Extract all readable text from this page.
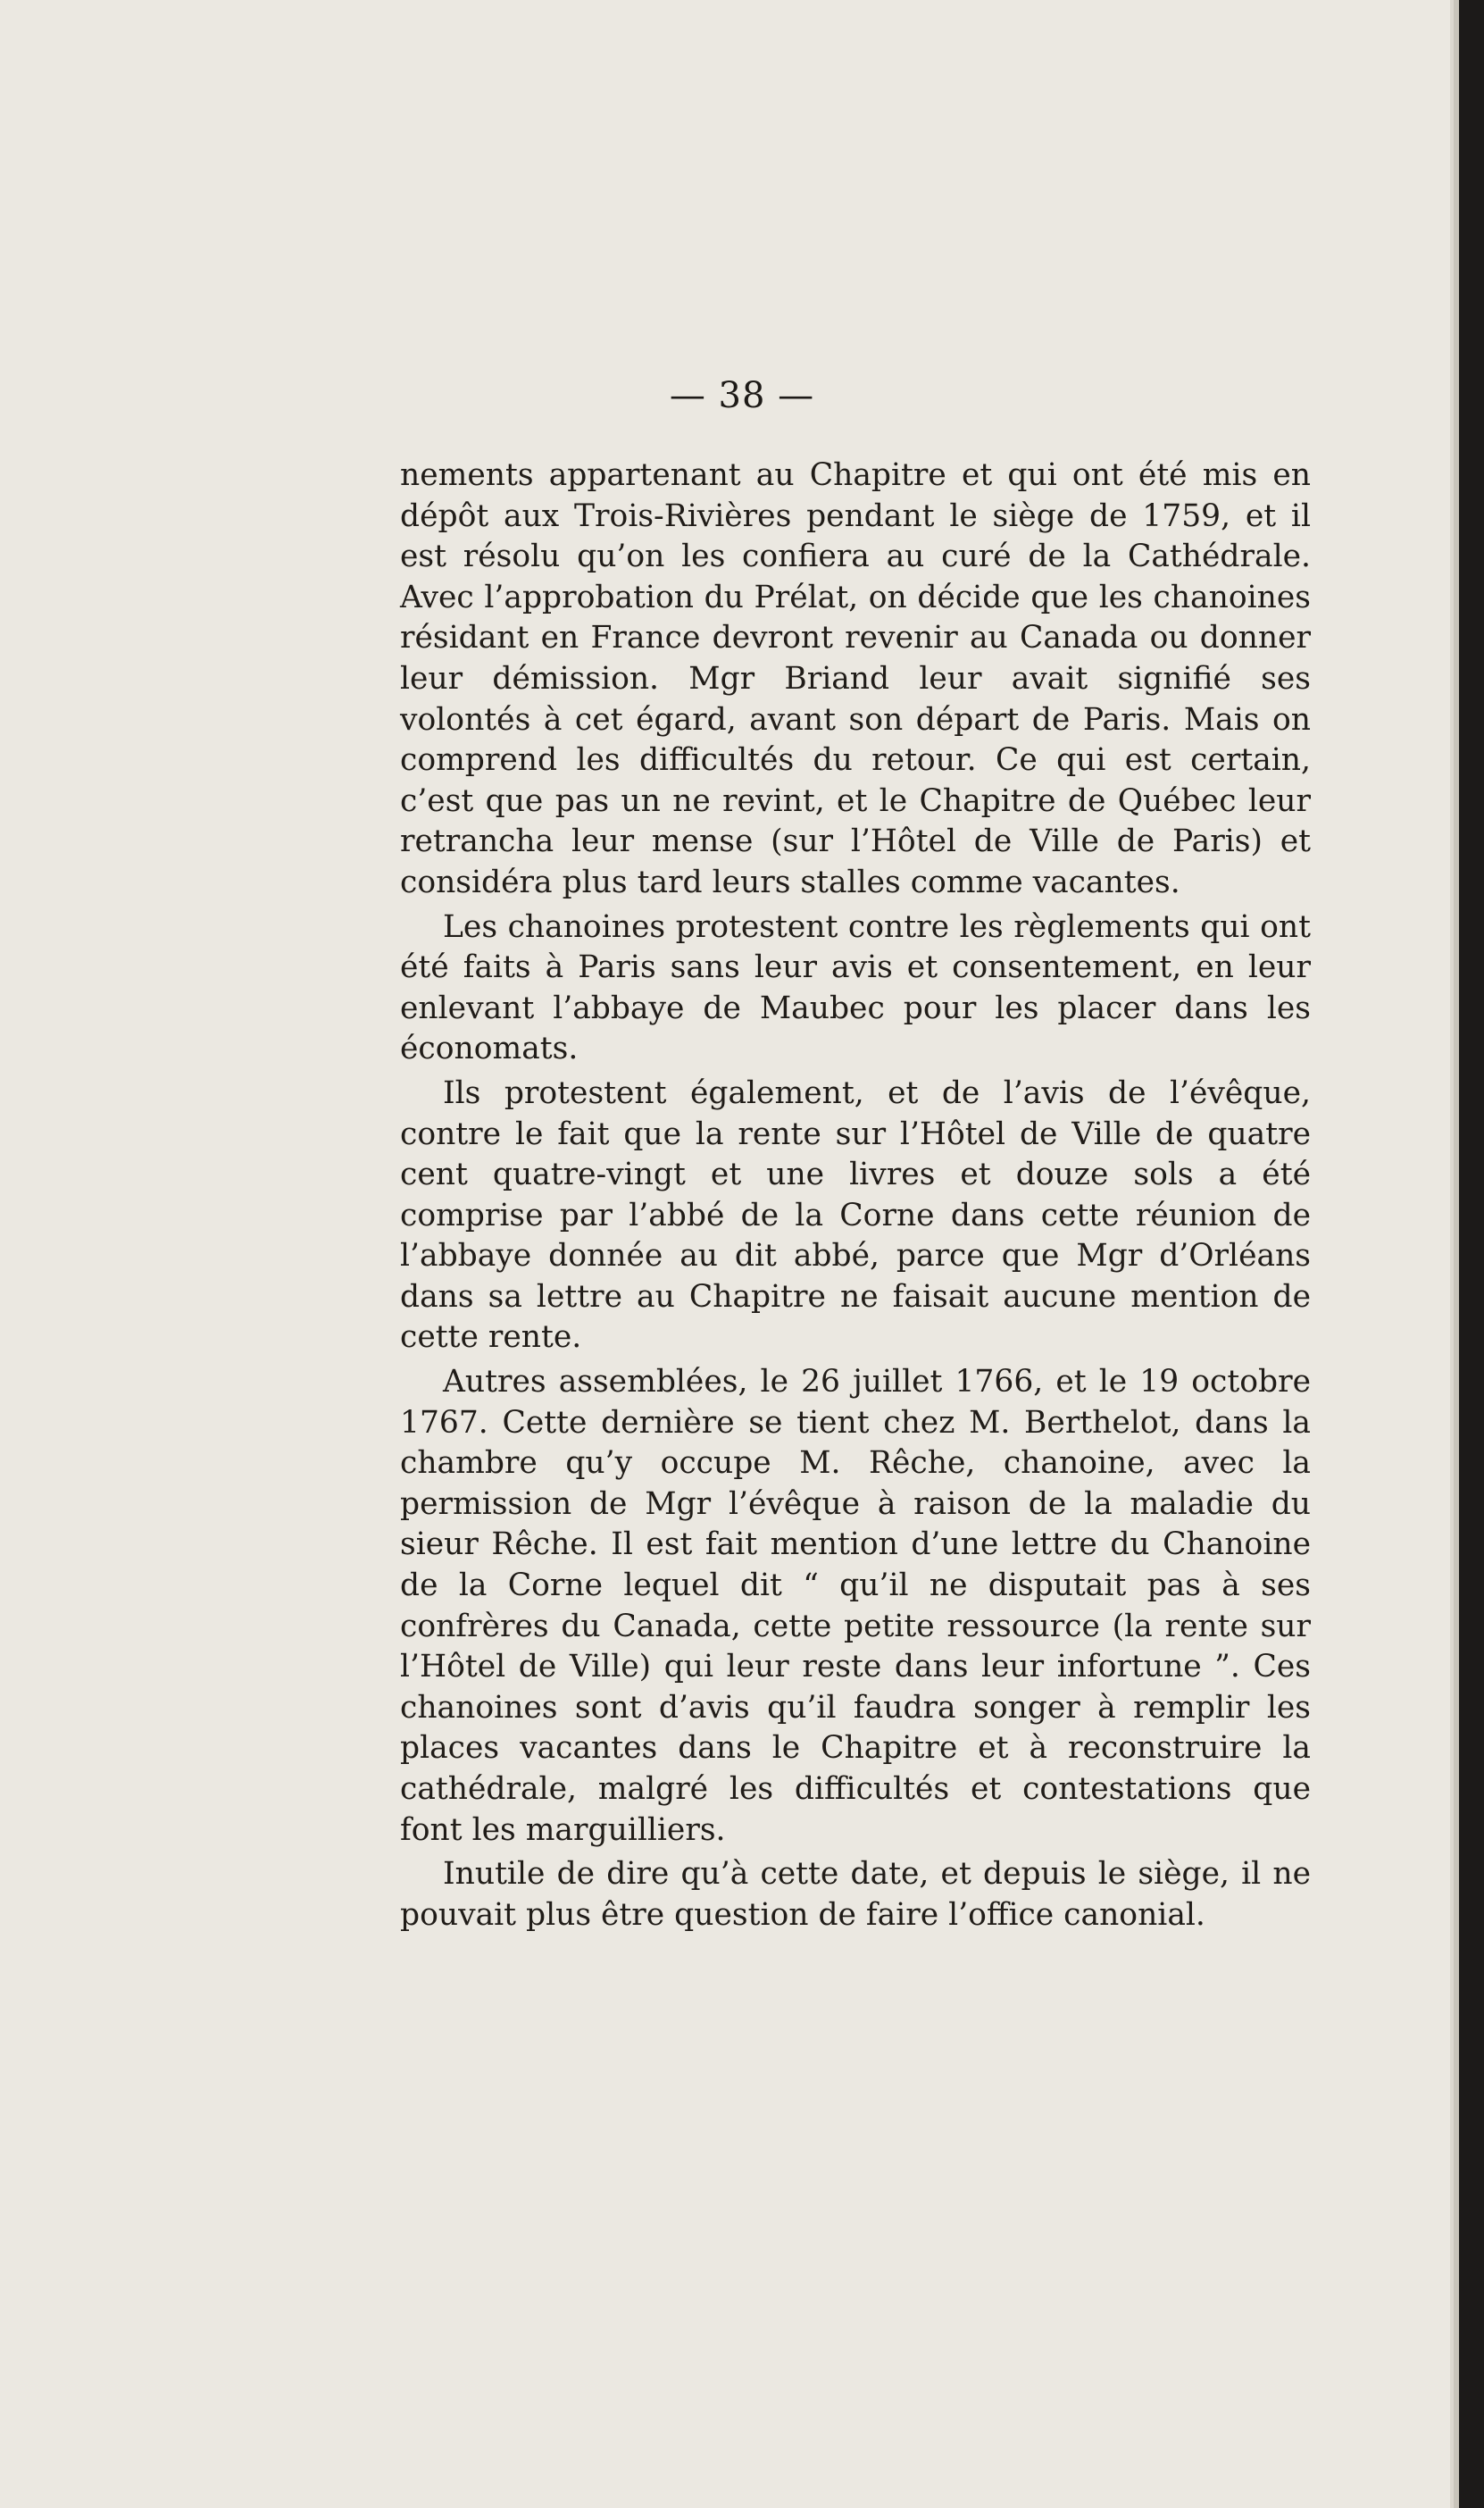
— 38 —

nements appartenant au Chapitre et qui ont été mis en dépôt aux Trois-Rivières pendant le siège de 1759, et il est résolu qu’on les confiera au curé de la Cathédrale. Avec l’approbation du Prélat, on décide que les chanoines résidant en France devront revenir au Canada ou donner leur démission. Mgr Briand leur avait signifié ses volontés à cet égard, avant son départ de Paris. Mais on comprend les difficultés du retour. Ce qui est certain, c’est que pas un ne revint, et le Chapitre de Québec leur retrancha leur mense (sur l’Hôtel de Ville de Paris) et considéra plus tard leurs stalles comme vacantes.

Les chanoines protestent contre les règlements qui ont été faits à Paris sans leur avis et consentement, en leur enlevant l’abbaye de Maubec pour les placer dans les économats.

Ils protestent également, et de l’avis de l’évêque, contre le fait que la rente sur l’Hôtel de Ville de quatre cent quatre-vingt et une livres et douze sols a été comprise par l’abbé de la Corne dans cette réunion de l’abbaye donnée au dit abbé, parce que Mgr d’Orléans dans sa lettre au Chapitre ne faisait aucune mention de cette rente.

Autres assemblées, le 26 juillet 1766, et le 19 octobre 1767. Cette dernière se tient chez M. Berthelot, dans la chambre qu’y occupe M. Rêche, chanoine, avec la permission de Mgr l’évêque à raison de la maladie du sieur Rêche. Il est fait mention d’une lettre du Chanoine de la Corne lequel dit “ qu’il ne disputait pas à ses confrères du Canada, cette petite ressource (la rente sur l’Hôtel de Ville) qui leur reste dans leur infortune ”. Ces chanoines sont d’avis qu’il faudra songer à remplir les places vacantes dans le Chapitre et à reconstruire la cathédrale, malgré les difficultés et contestations que font les marguilliers.

Inutile de dire qu’à cette date, et depuis le siège, il ne pouvait plus être question de faire l’office canonial.
